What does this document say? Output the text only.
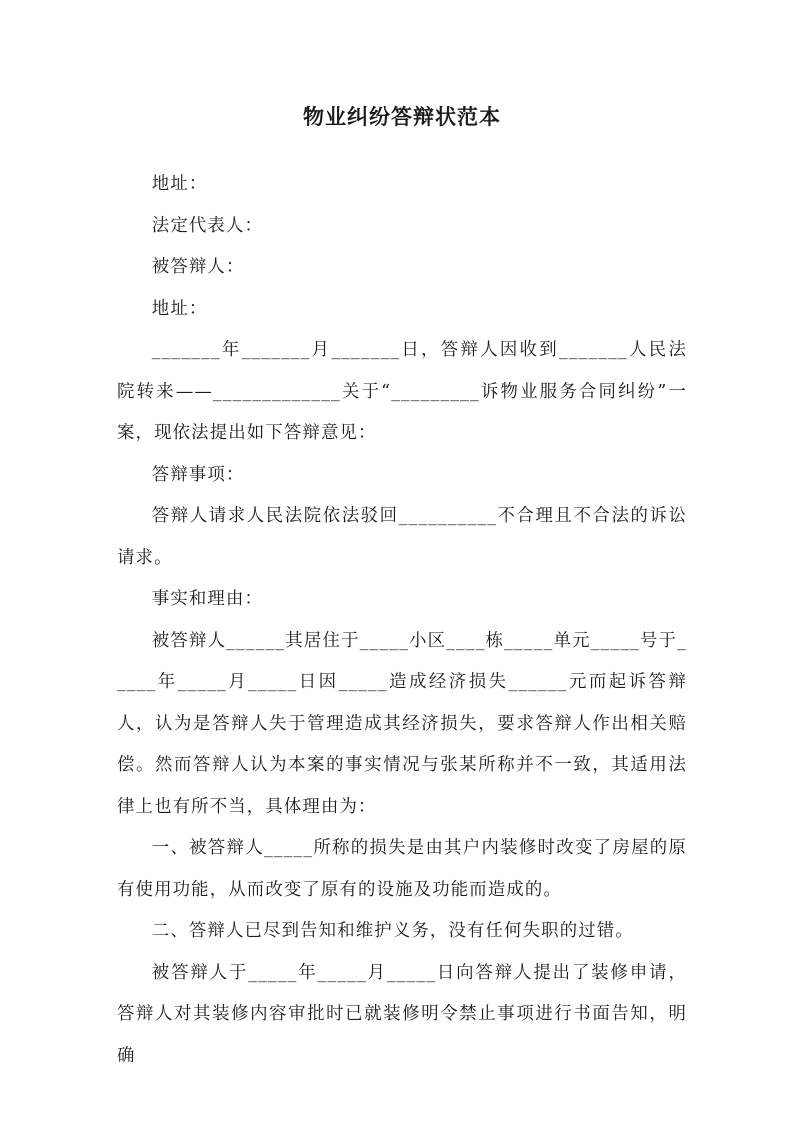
物业纠纷答辩状范本

地址：

法定代表人：

被答辩人：

地址：

_______年_______月_______日，答辩人因收到_______人民法院转来——_____________关于“_________诉物业服务合同纠纷”一案，现依法提出如下答辩意见：

答辩事项：

答辩人请求人民法院依法驳回__________不合理且不合法的诉讼请求。

事实和理由：

被答辩人______其居住于_____小区____栋_____单元_____号于_____年_____月_____日因_____造成经济损失______元而起诉答辩人，认为是答辩人失于管理造成其经济损失，要求答辩人作出相关赔偿。然而答辩人认为本案的事实情况与张某所称并不一致，其适用法律上也有所不当，具体理由为：

一、被答辩人_____所称的损失是由其户内装修时改变了房屋的原有使用功能，从而改变了原有的设施及功能而造成的。

二、答辩人已尽到告知和维护义务，没有任何失职的过错。

被答辩人于_____年_____月_____日向答辩人提出了装修申请，答辩人对其装修内容审批时已就装修明令禁止事项进行书面告知，明确
